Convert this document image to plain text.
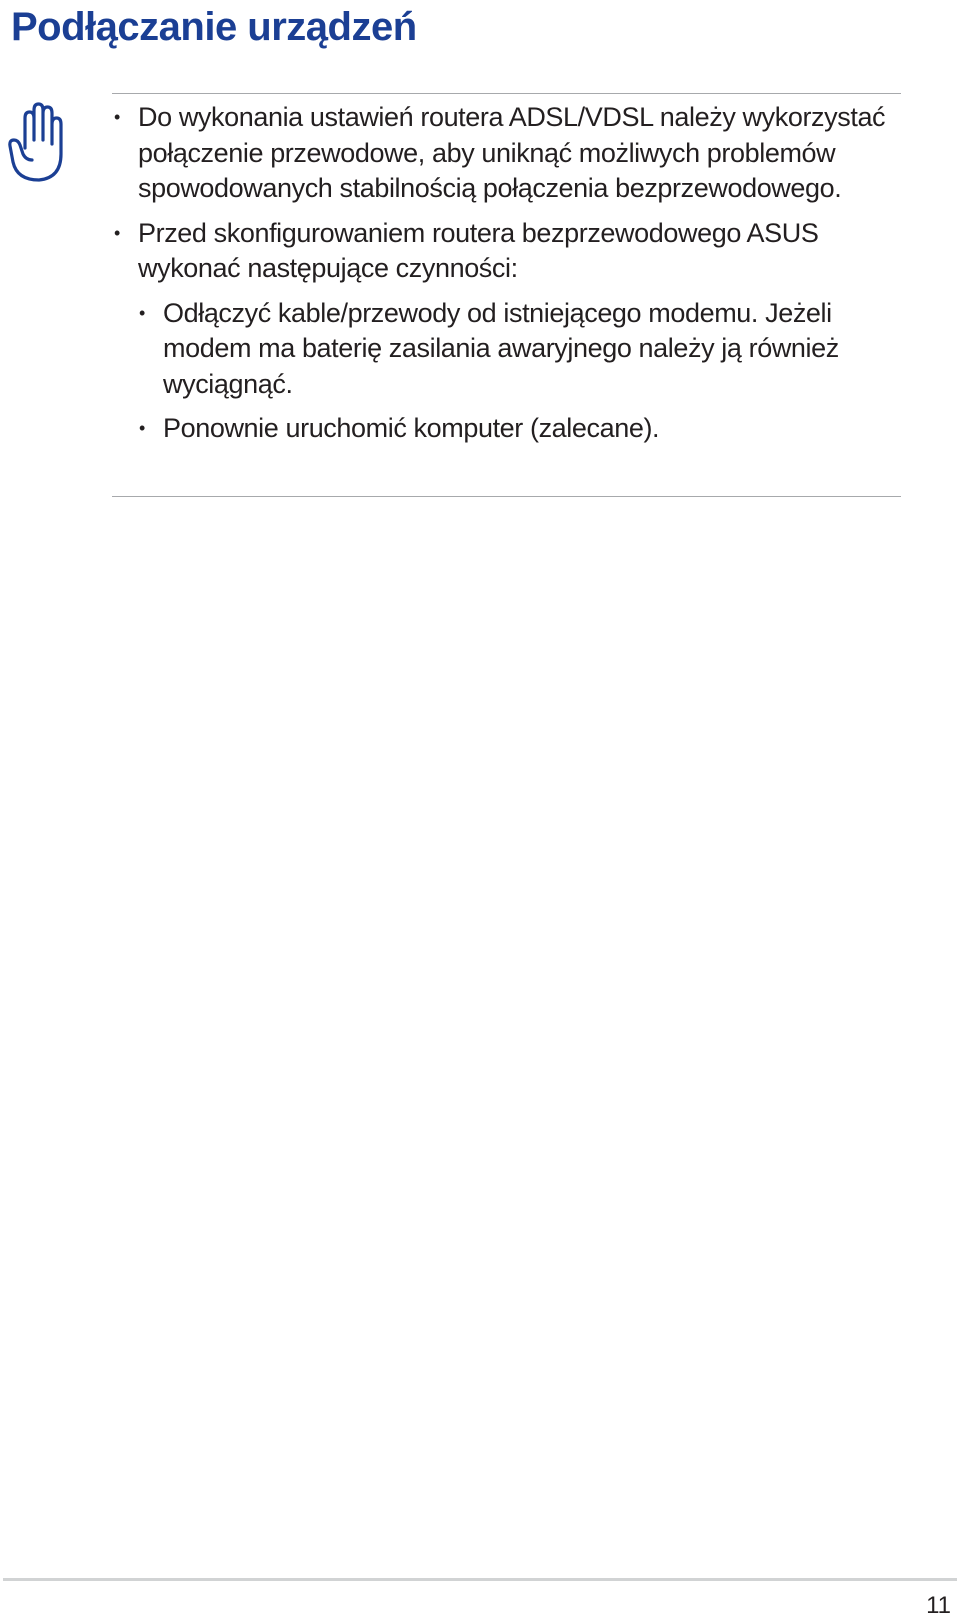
Podłączanie urządzeń
• Do wykonania ustawień routera ADSL/VDSL należy wykorzystać połączenie przewodowe, aby uniknąć możliwych problemów spowodowanych stabilnością połączenia bezprzewodowego.
• Przed skonfigurowaniem routera bezprzewodowego ASUS wykonać następujące czynności:
• Odłączyć kable/przewody od istniejącego modemu. Jeżeli modem ma baterię zasilania awaryjnego należy ją również wyciągnąć.
• Ponownie uruchomić komputer (zalecane).
11
